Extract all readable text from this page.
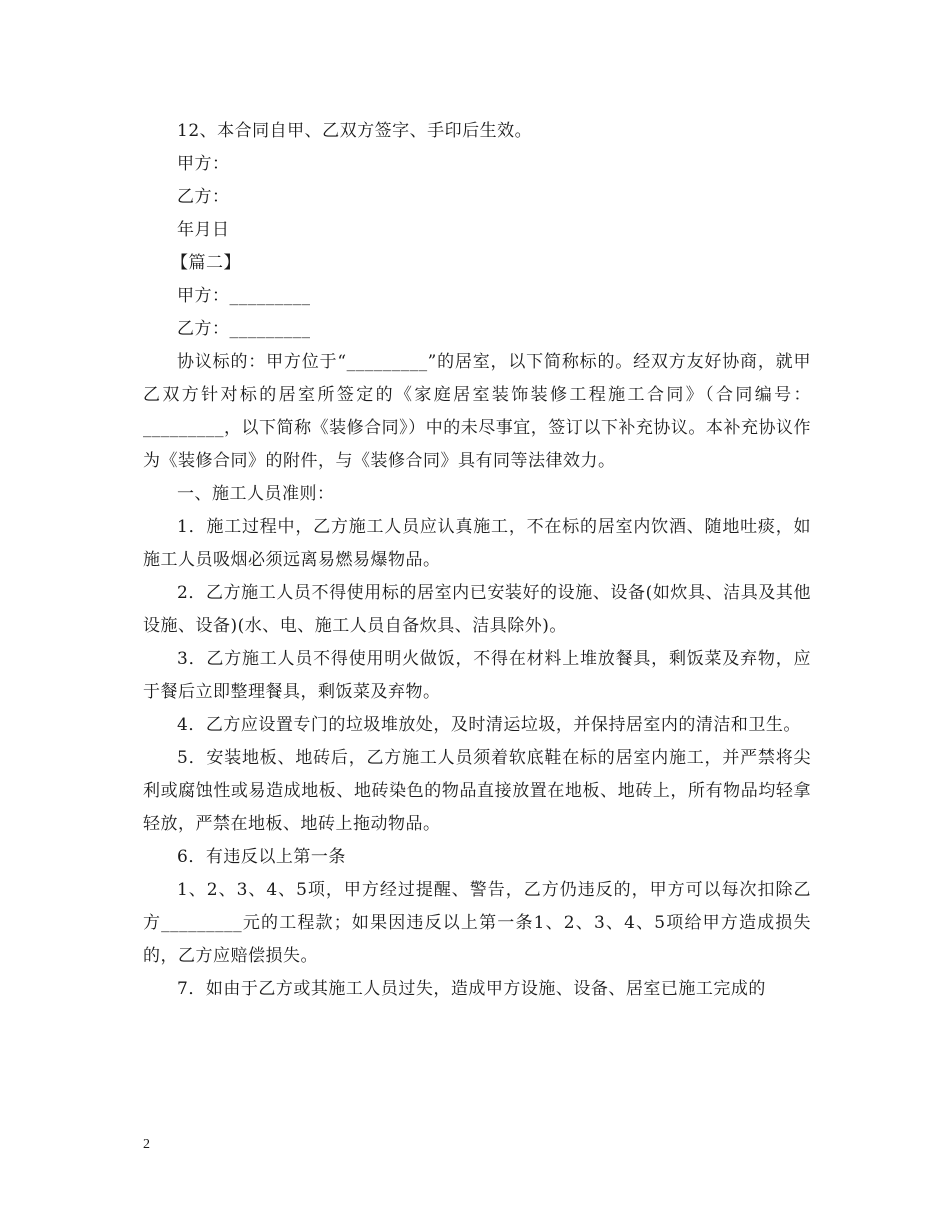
12、本合同自甲、乙双方签字、手印后生效。

甲方：

乙方：

年月日

【篇二】

甲方：_________

乙方：_________

协议标的：甲方位于“_________”的居室，以下简称标的。经双方友好协商，就甲乙双方针对标的居室所签定的《家庭居室装饰装修工程施工合同》（合同编号：_________，以下简称《装修合同》）中的未尽事宜，签订以下补充协议。本补充协议作为《装修合同》的附件，与《装修合同》具有同等法律效力。

一、施工人员准则：

1．施工过程中，乙方施工人员应认真施工，不在标的居室内饮酒、随地吐痰，如施工人员吸烟必须远离易燃易爆物品。

2．乙方施工人员不得使用标的居室内已安装好的设施、设备(如炊具、洁具及其他设施、设备)(水、电、施工人员自备炊具、洁具除外)。

3．乙方施工人员不得使用明火做饭，不得在材料上堆放餐具，剩饭菜及弃物，应于餐后立即整理餐具，剩饭菜及弃物。

4．乙方应设置专门的垃圾堆放处，及时清运垃圾，并保持居室内的清洁和卫生。

5．安装地板、地砖后，乙方施工人员须着软底鞋在标的居室内施工，并严禁将尖利或腐蚀性或易造成地板、地砖染色的物品直接放置在地板、地砖上，所有物品均轻拿轻放，严禁在地板、地砖上拖动物品。

6．有违反以上第一条

1、2、3、4、5项，甲方经过提醒、警告，乙方仍违反的，甲方可以每次扣除乙方_________元的工程款；如果因违反以上第一条1、2、3、4、5项给甲方造成损失的，乙方应赔偿损失。

7．如由于乙方或其施工人员过失，造成甲方设施、设备、居室已施工完成的

2
